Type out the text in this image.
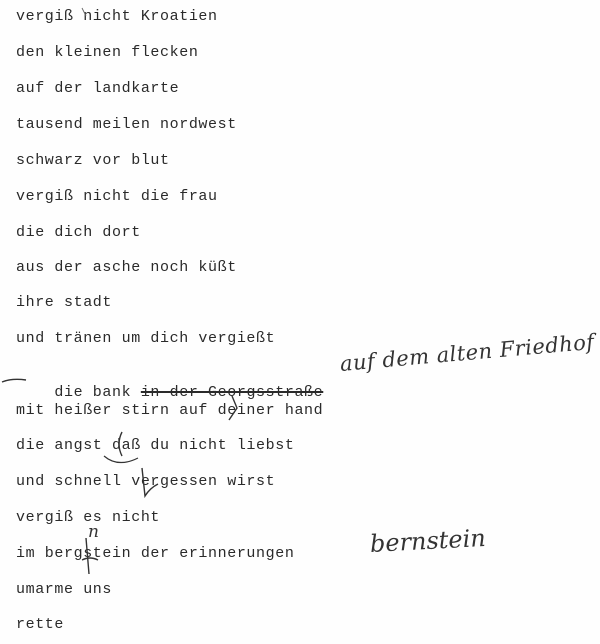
vergiß nicht Kroatien
den kleinen flecken
auf der landkarte
tausend meilen nordwest
schwarz vor blut
vergiß nicht die frau
die dich dort
aus der asche noch küßt
ihre stadt
und tränen um dich vergießt

die bank in der Georgsstraße

mit heißer stirn auf deiner hand
die angst daß du nicht liebst
und schnell vergessen wirst
vergiß es nicht
im bergstein der erinnerungen
umarme uns
rette
auf dem alten Friedhof
bernstein
n
